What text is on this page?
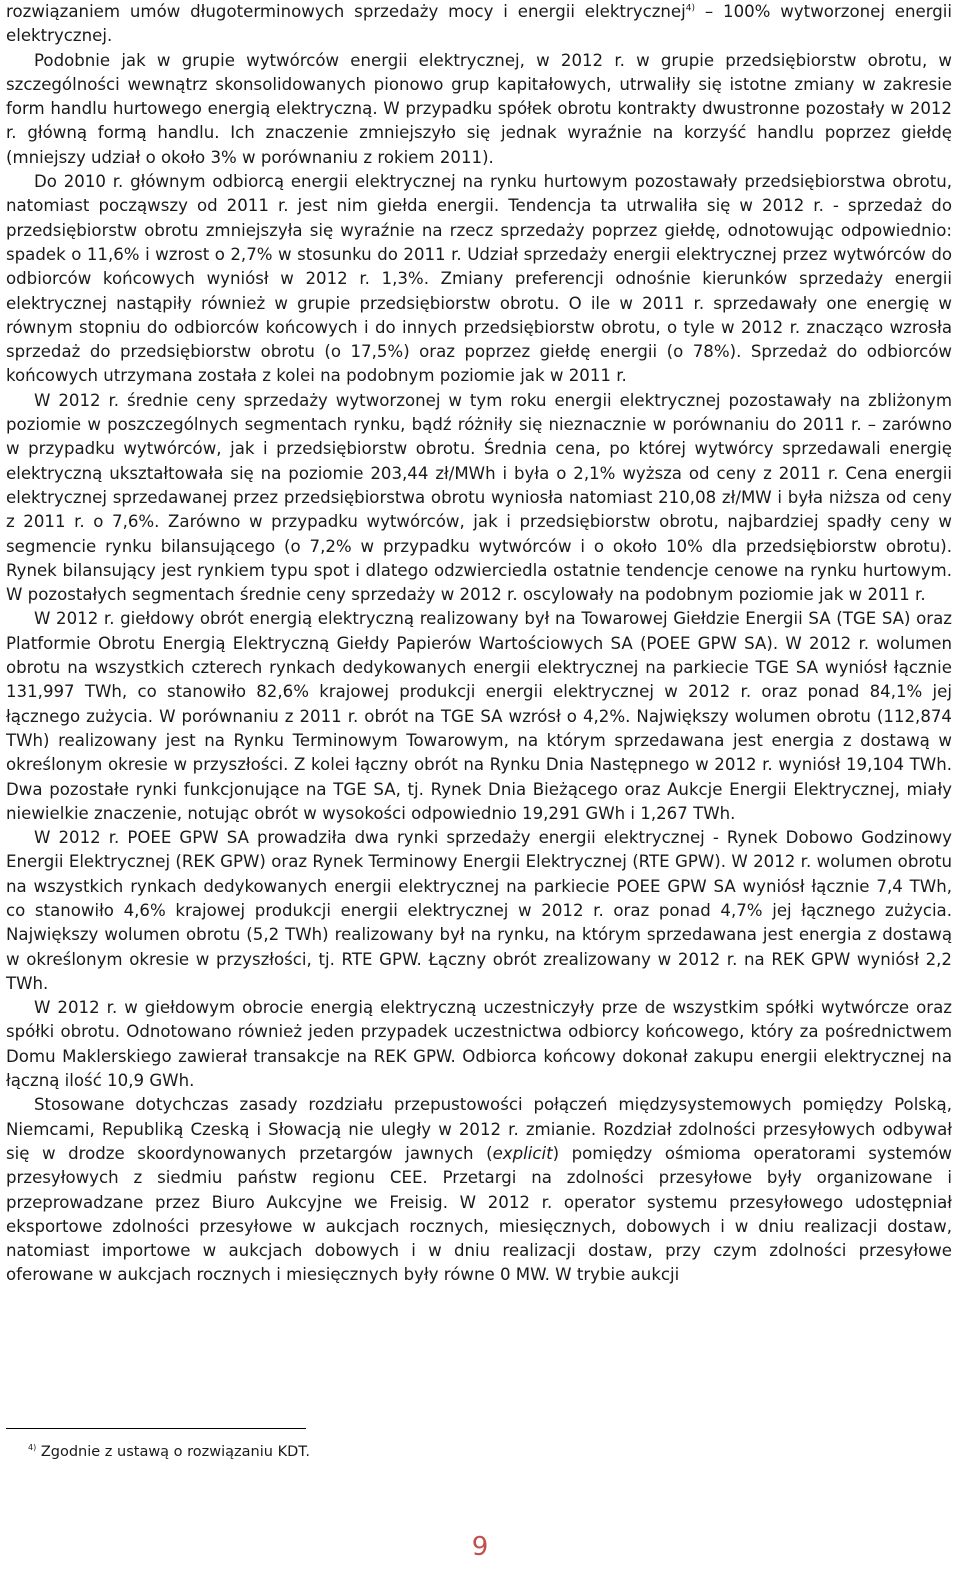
rozwiązaniem umów długoterminowych sprzedaży mocy i energii elektrycznej$^{4)}$ – 100% wytworzonej energii elektrycznej.

Podobnie jak w grupie wytwórców energii elektrycznej, w 2012 r. w grupie przedsiębiorstw obrotu, w szczególności wewnątrz skonsolidowanych pionowo grup kapitałowych, utrwaliły się istotne zmiany w zakresie form handlu hurtowego energią elektryczną. W przypadku spółek obrotu kontrakty dwustronne pozostały w 2012 r. główną formą handlu. Ich znaczenie zmniejszyło się jednak wyraźnie na korzyść handlu poprzez giełdę (mniejszy udział o około 3% w porównaniu z rokiem 2011).

Do 2010 r. głównym odbiorcą energii elektrycznej na rynku hurtowym pozostawały przedsiębiorstwa obrotu, natomiast począwszy od 2011 r. jest nim giełda energii. Tendencja ta utrwaliła się w 2012 r. - sprzedaż do przedsiębiorstw obrotu zmniejszyła się wyraźnie na rzecz sprzedaży poprzez giełdę, odnotowując odpowiednio: spadek o 11,6% i wzrost o 2,7% w stosunku do 2011 r. Udział sprzedaży energii elektrycznej przez wytwórców do odbiorców końcowych wyniósł w 2012 r. 1,3%. Zmiany preferencji odnośnie kierunków sprzedaży energii elektrycznej nastąpiły również w grupie przedsiębiorstw obrotu. O ile w 2011 r. sprzedawały one energię w równym stopniu do odbiorców końcowych i do innych przedsiębiorstw obrotu, o tyle w 2012 r. znacząco wzrosła sprzedaż do przedsiębiorstw obrotu (o 17,5%) oraz poprzez giełdę energii (o 78%). Sprzedaż do odbiorców końcowych utrzymana została z kolei na podobnym poziomie jak w 2011 r.

W 2012 r. średnie ceny sprzedaży wytworzonej w tym roku energii elektrycznej pozostawały na zbliżonym poziomie w poszczególnych segmentach rynku, bądź różniły się nieznacznie w porównaniu do 2011 r. – zarówno w przypadku wytwórców, jak i przedsiębiorstw obrotu. Średnia cena, po której wytwórcy sprzedawali energię elektryczną ukształtowała się na poziomie 203,44 zł/MWh i była o 2,1% wyższa od ceny z 2011 r. Cena energii elektrycznej sprzedawanej przez przedsiębiorstwa obrotu wyniosła natomiast 210,08 zł/MW i była niższa od ceny z 2011 r. o 7,6%. Zarówno w przypadku wytwórców, jak i przedsiębiorstw obrotu, najbardziej spadły ceny w segmencie rynku bilansującego (o 7,2% w przypadku wytwórców i o około 10% dla przedsiębiorstw obrotu). Rynek bilansujący jest rynkiem typu spot i dlatego odzwierciedla ostatnie tendencje cenowe na rynku hurtowym. W pozostałych segmentach średnie ceny sprzedaży w 2012 r. oscylowały na podobnym poziomie jak w 2011 r.

W 2012 r. giełdowy obrót energią elektryczną realizowany był na Towarowej Giełdzie Energii SA (TGE SA) oraz Platformie Obrotu Energią Elektryczną Giełdy Papierów Wartościowych SA (POEE GPW SA). W 2012 r. wolumen obrotu na wszystkich czterech rynkach dedykowanych energii elektrycznej na parkiecie TGE SA wyniósł łącznie 131,997 TWh, co stanowiło 82,6% krajowej produkcji energii elektrycznej w 2012 r. oraz ponad 84,1% jej łącznego zużycia. W porównaniu z 2011 r. obrót na TGE SA wzrósł o 4,2%. Największy wolumen obrotu (112,874 TWh) realizowany jest na Rynku Terminowym Towarowym, na którym sprzedawana jest energia z dostawą w określonym okresie w przyszłości. Z kolei łączny obrót na Rynku Dnia Następnego w 2012 r. wyniósł 19,104 TWh. Dwa pozostałe rynki funkcjonujące na TGE SA, tj. Rynek Dnia Bieżącego oraz Aukcje Energii Elektrycznej, miały niewielkie znaczenie, notując obrót w wysokości odpowiednio 19,291 GWh i 1,267 TWh.

W 2012 r. POEE GPW SA prowadziła dwa rynki sprzedaży energii elektrycznej - Rynek Dobowo Godzinowy Energii Elektrycznej (REK GPW) oraz Rynek Terminowy Energii Elektrycznej (RTE GPW). W 2012 r. wolumen obrotu na wszystkich rynkach dedykowanych energii elektrycznej na parkiecie POEE GPW SA wyniósł łącznie 7,4 TWh, co stanowiło 4,6% krajowej produkcji energii elektrycznej w 2012 r. oraz ponad 4,7% jej łącznego zużycia. Największy wolumen obrotu (5,2 TWh) realizowany był na rynku, na którym sprzedawana jest energia z dostawą w określonym okresie w przyszłości, tj. RTE GPW. Łączny obrót zrealizowany w 2012 r. na REK GPW wyniósł 2,2 TWh.

W 2012 r. w giełdowym obrocie energią elektryczną uczestniczyły prze de wszystkim spółki wytwórcze oraz spółki obrotu. Odnotowano również jeden przypadek uczestnictwa odbiorcy końcowego, który za pośrednictwem Domu Maklerskiego zawierał transakcje na REK GPW. Odbiorca końcowy dokonał zakupu energii elektrycznej na łączną ilość 10,9 GWh.

Stosowane dotychczas zasady rozdziału przepustowości połączeń międzysystemowych pomiędzy Polską, Niemcami, Republiką Czeską i Słowacją nie uległy w 2012 r. zmianie. Rozdział zdolności przesyłowych odbywał się w drodze skoordynowanych przetargów jawnych (explicit) pomiędzy ośmioma operatorami systemów przesyłowych z siedmiu państw regionu CEE. Przetargi na zdolności przesyłowe były organizowane i przeprowadzane przez Biuro Aukcyjne we Freisig. W 2012 r. operator systemu przesyłowego udostępniał eksportowe zdolności przesyłowe w aukcjach rocznych, miesięcznych, dobowych i w dniu realizacji dostaw, natomiast importowe w aukcjach dobowych i w dniu realizacji dostaw, przy czym zdolności przesyłowe oferowane w aukcjach rocznych i miesięcznych były równe 0 MW. W trybie aukcji

$^{4)}$ Zgodnie z ustawą o rozwiązaniu KDT.
9
